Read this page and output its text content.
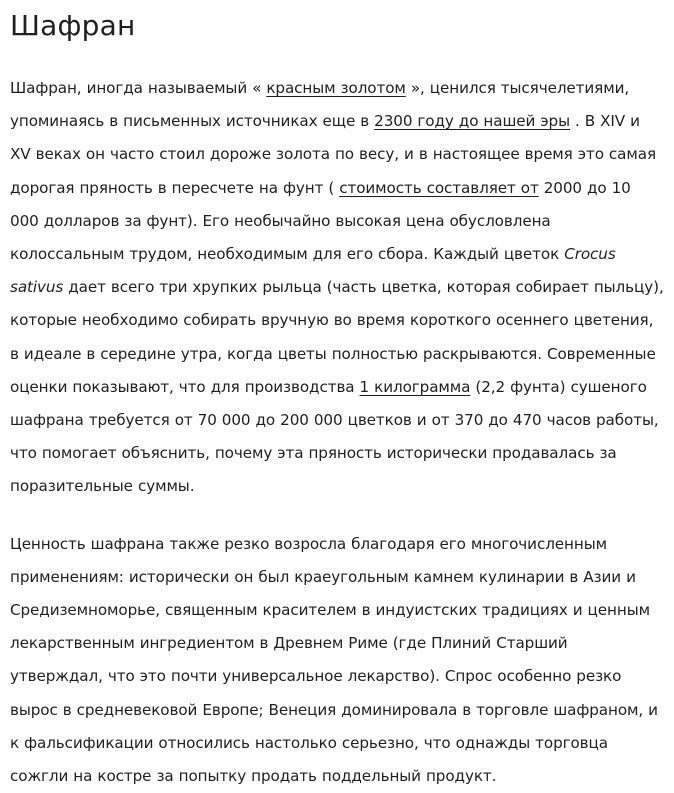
Шафран

Шафран, иногда называемый « красным золотом », ценился тысячелетиями, упоминаясь в письменных источниках еще в 2300 году до нашей эры . В XIV и XV веках он часто стоил дороже золота по весу, и в настоящее время это самая дорогая пряность в пересчете на фунт ( стоимость составляет от 2000 до 10 000 долларов за фунт). Его необычайно высокая цена обусловлена колоссальным трудом, необходимым для его сбора. Каждый цветок Crocus sativus дает всего три хрупких рыльца (часть цветка, которая собирает пыльцу), которые необходимо собирать вручную во время короткого осеннего цветения, в идеале в середине утра, когда цветы полностью раскрываются. Современные оценки показывают, что для производства 1 килограмма (2,2 фунта) сушеного шафрана требуется от 70 000 до 200 000 цветков и от 370 до 470 часов работы, что помогает объяснить, почему эта пряность исторически продавалась за поразительные суммы.

Ценность шафрана также резко возросла благодаря его многочисленным применениям: исторически он был краеугольным камнем кулинарии в Азии и Средиземноморье, священным красителем в индуистских традициях и ценным лекарственным ингредиентом в Древнем Риме (где Плиний Старший утверждал, что это почти универсальное лекарство). Спрос особенно резко вырос в средневековой Европе; Венеция доминировала в торговле шафраном, и к фальсификации относились настолько серьезно, что однажды торговца сожгли на костре за попытку продать поддельный продукт.
